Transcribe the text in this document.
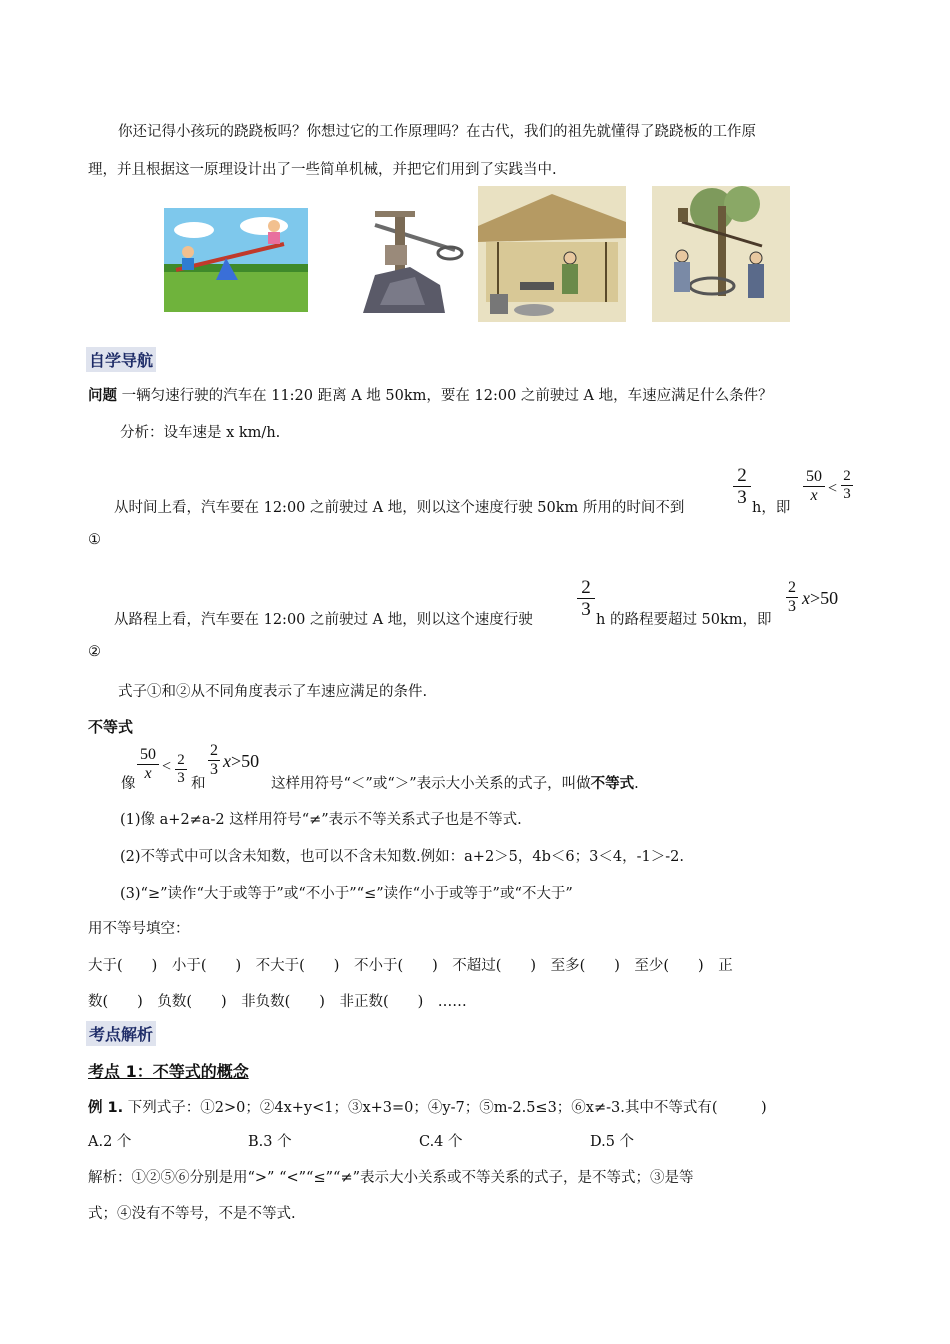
你还记得小孩玩的跷跷板吗？你想过它的工作原理吗？在古代，我们的祖先就懂得了跷跷板的工作原
理，并且根据这一原理设计出了一些简单机械，并把它们用到了实践当中.
自学导航
问题 一辆匀速行驶的汽车在 11:20 距离 A 地 50km，要在 12:00 之前驶过 A 地，车速应满足什么条件？
分析：设车速是 x km/h.
从时间上看，汽车要在 12:00 之前驶过 A 地，则以这个速度行驶 50km 所用的时间不到
2
3 h，即
50
x <
2
3
①
从路程上看，汽车要在 12:00 之前驶过 A 地，则以这个速度行驶
2
3 h 的路程要超过 50km，即
2
3 x>50
②
式子①和②从不同角度表示了车速应满足的条件.
不等式
像
50
x < 2
3 和
2
3 x>50
这样用符号“＜”或“＞”表示大小关系的式子，叫做不等式.
(1)像 a+2≠a-2 这样用符号“≠”表示不等关系式子也是不等式.
(2)不等式中可以含未知数，也可以不含未知数.例如：a+2＞5，4b＜6；3＜4，-1＞-2.
(3)“≥”读作“大于或等于”或“不小于”“≤”读作“小于或等于”或“不大于”
用不等号填空：
大于(　　)　小于(　　)　不大于(　　)　不小于(　　)　不超过(　　)　至多(　　)　至少(　　)　正
数(　　)　负数(　　)　非负数(　　)　非正数(　　)　……
考点解析
考点 1：不等式的概念
例 1. 下列式子：①2>0；②4x+y<1；③x+3=0；④y-7；⑤m-2.5≤3；⑥x≠-3.其中不等式有(　　　)
A.2 个	B.3 个	C.4 个	D.5 个
解析：①②⑤⑥分别是用“>” “<”“≤”“≠”表示大小关系或不等关系的式子，是不等式；③是等
式；④没有不等号，不是不等式.
